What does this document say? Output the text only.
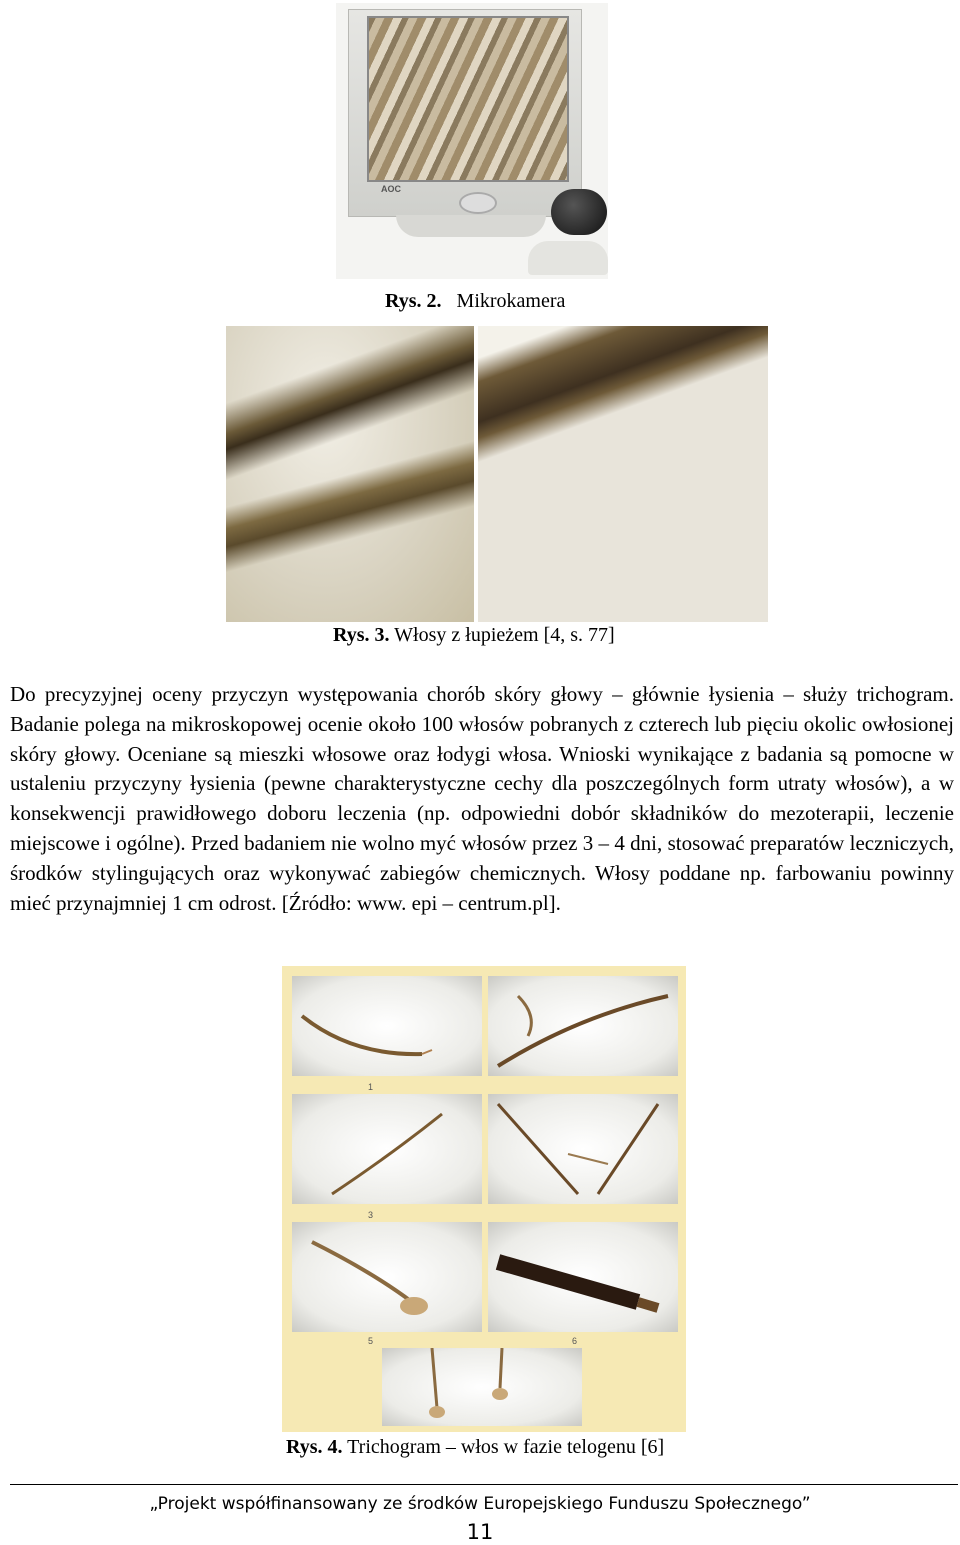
AOC
Rys. 2. Mikrokamera
Rys. 3. Włosy z łupieżem [4, s. 77]
Do precyzyjnej oceny przyczyn występowania chorób skóry głowy – głównie łysienia – służy trichogram. Badanie polega na mikroskopowej ocenie około 100 włosów pobranych z czterech lub pięciu okolic owłosionej skóry głowy. Oceniane są mieszki włosowe oraz łodygi włosa. Wnioski wynikające z badania są pomocne w ustaleniu przyczyny łysienia (pewne charakterystyczne cechy dla poszczególnych form utraty włosów), a w konsekwencji prawidłowego doboru leczenia (np. odpowiedni dobór składników do mezoterapii, leczenie miejscowe i ogólne). Przed badaniem nie wolno myć włosów przez 3 – 4 dni, stosować preparatów leczniczych, środków stylingujących oraz wykonywać zabiegów chemicznych. Włosy poddane np. farbowaniu powinny mieć przynajmniej 1 cm odrost. [Źródło: www. epi – centrum.pl].
1
3
5	6
Rys. 4. Trichogram – włos w fazie telogenu [6]
„Projekt współfinansowany ze środków Europejskiego Funduszu Społecznego”
11
